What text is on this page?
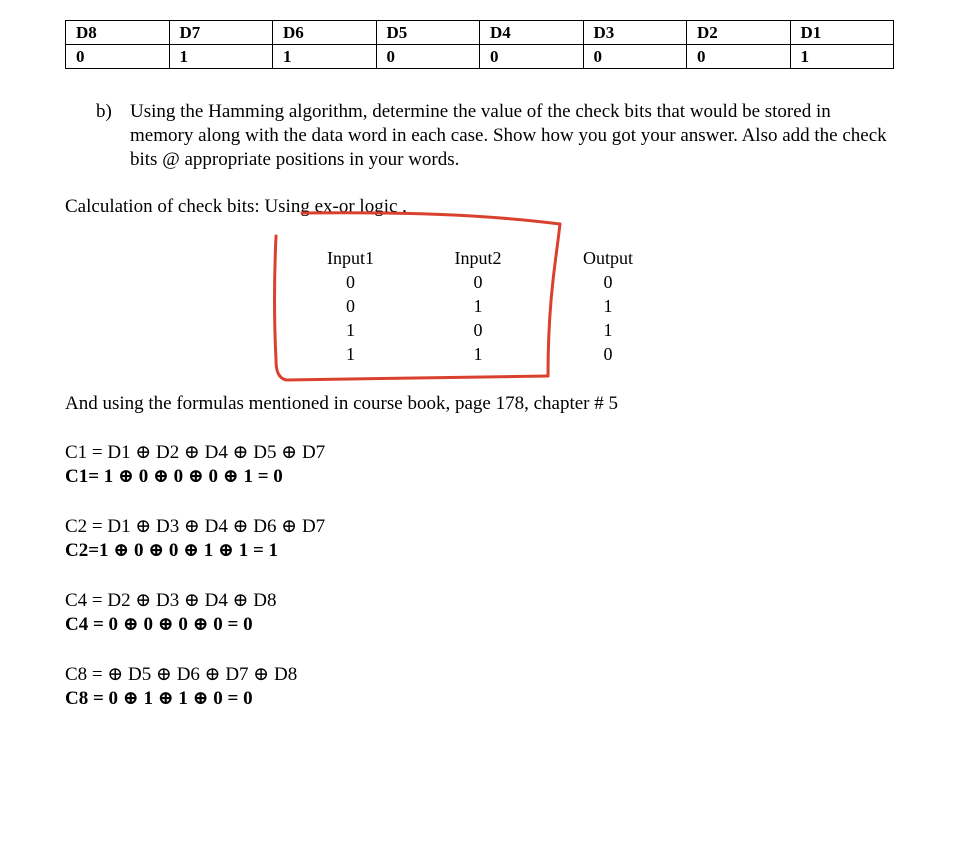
D8	D7	D6	D5	D4	D3	D2	D1
0	1	1	0	0	0	0	1
b) Using the Hamming algorithm, determine the value of the check bits that would be stored in memory along with the data word in each case. Show how you got your answer. Also add the check bits @ appropriate positions in your words.
Calculation of check bits: Using ex-or logic ,
Input1	Input2	Output
0	0	0
0	1	1
1	0	1
1	1	0
And using the formulas mentioned in course book, page 178, chapter # 5
C1 = D1 ⊕ D2 ⊕ D4 ⊕ D5 ⊕ D7
C1= 1 ⊕ 0 ⊕ 0 ⊕ 0 ⊕ 1 = 0
C2 = D1 ⊕ D3 ⊕ D4 ⊕ D6 ⊕ D7
C2=1 ⊕ 0 ⊕ 0 ⊕ 1 ⊕ 1 = 1
C4 = D2 ⊕ D3 ⊕ D4 ⊕ D8
C4 = 0 ⊕ 0 ⊕ 0 ⊕ 0 = 0
C8 = ⊕ D5 ⊕ D6 ⊕ D7 ⊕ D8
C8 = 0 ⊕ 1 ⊕ 1 ⊕ 0 = 0
